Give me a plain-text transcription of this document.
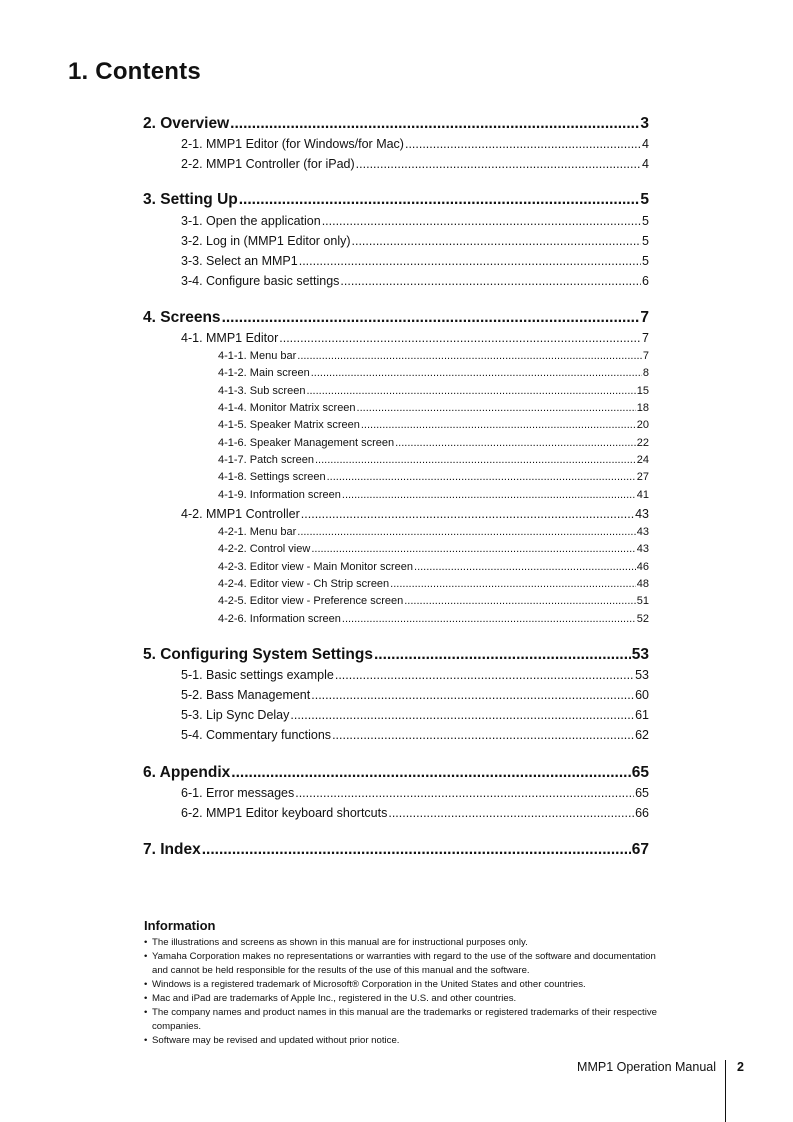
1. Contents
2. Overview .....	3
2-1. MMP1 Editor (for Windows/for Mac) .....	4
2-2. MMP1 Controller (for iPad) .....	4
3. Setting Up .....	5
3-1. Open the application .....	5
3-2. Log in (MMP1 Editor only) .....	5
3-3. Select an MMP1 .....	5
3-4. Configure basic settings .....	6
4. Screens .....	7
4-1. MMP1 Editor .....	7
4-1-1. Menu bar .....	7
4-1-2. Main screen .....	8
4-1-3. Sub screen .....	15
4-1-4. Monitor Matrix screen .....	18
4-1-5. Speaker Matrix screen .....	20
4-1-6. Speaker Management screen .....	22
4-1-7. Patch screen .....	24
4-1-8. Settings screen .....	27
4-1-9. Information screen .....	41
4-2. MMP1 Controller .....	43
4-2-1. Menu bar .....	43
4-2-2. Control view .....	43
4-2-3. Editor view - Main Monitor screen .....	46
4-2-4. Editor view - Ch Strip screen .....	48
4-2-5. Editor view - Preference screen .....	51
4-2-6. Information screen .....	52
5. Configuring System Settings .....	53
5-1. Basic settings example .....	53
5-2. Bass Management .....	60
5-3. Lip Sync Delay .....	61
5-4. Commentary functions .....	62
6. Appendix .....	65
6-1. Error messages .....	65
6-2. MMP1 Editor keyboard shortcuts .....	66
7. Index .....	67
Information
• The illustrations and screens as shown in this manual are for instructional purposes only.
• Yamaha Corporation makes no representations or warranties with regard to the use of the software and documentation and cannot be held responsible for the results of the use of this manual and the software.
• Windows is a registered trademark of Microsoft® Corporation in the United States and other countries.
• Mac and iPad are trademarks of Apple Inc., registered in the U.S. and other countries.
• The company names and product names in this manual are the trademarks or registered trademarks of their respective companies.
• Software may be revised and updated without prior notice.
MMP1 Operation Manual 2
